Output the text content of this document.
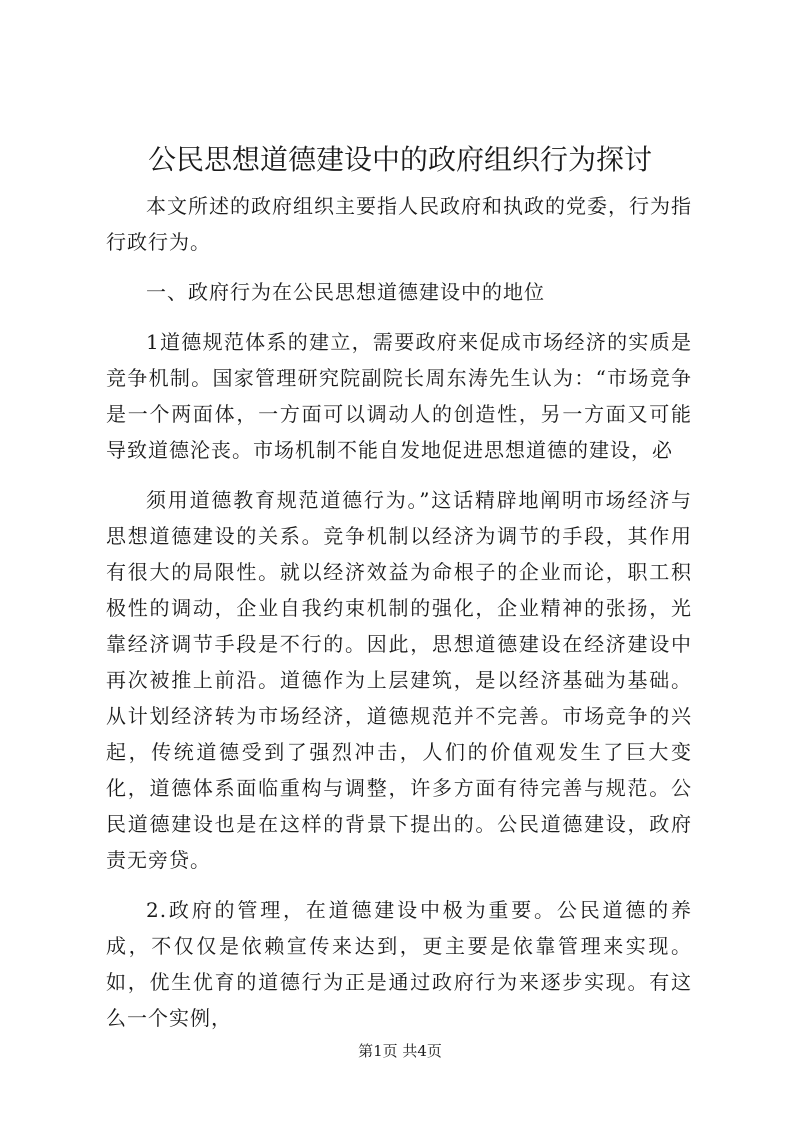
公民思想道德建设中的政府组织行为探讨

本文所述的政府组织主要指人民政府和执政的党委，行为指行政行为。

一、政府行为在公民思想道德建设中的地位

1道德规范体系的建立，需要政府来促成市场经济的实质是竞争机制。国家管理研究院副院长周东涛先生认为：“市场竞争是一个两面体，一方面可以调动人的创造性，另一方面又可能导致道德沦丧。市场机制不能自发地促进思想道德的建设，必

须用道德教育规范道德行为。”这话精辟地阐明市场经济与思想道德建设的关系。竞争机制以经济为调节的手段，其作用有很大的局限性。就以经济效益为命根子的企业而论，职工积极性的调动，企业自我约束机制的强化，企业精神的张扬，光靠经济调节手段是不行的。因此，思想道德建设在经济建设中再次被推上前沿。道德作为上层建筑，是以经济基础为基础。从计划经济转为市场经济，道德规范并不完善。市场竞争的兴起，传统道德受到了强烈冲击，人们的价值观发生了巨大变化，道德体系面临重构与调整，许多方面有待完善与规范。公民道德建设也是在这样的背景下提出的。公民道德建设，政府责无旁贷。

2.政府的管理，在道德建设中极为重要。公民道德的养成，不仅仅是依赖宣传来达到，更主要是依靠管理来实现。如，优生优育的道德行为正是通过政府行为来逐步实现。有这么一个实例，

第1页 共4页
